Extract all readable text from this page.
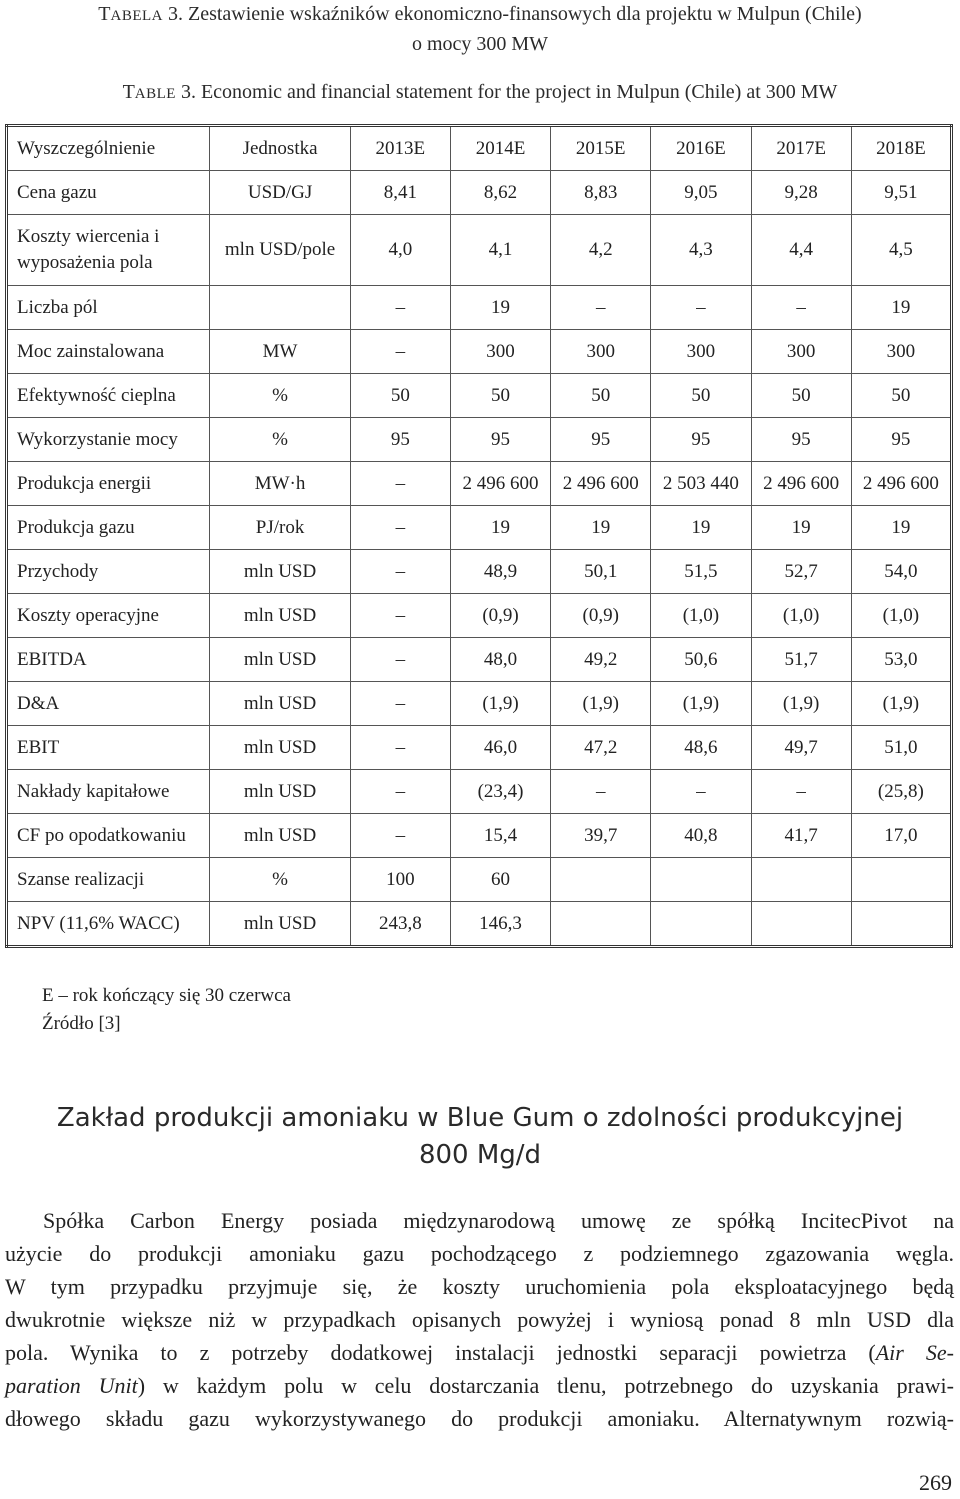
TABELA 3. Zestawienie wskaźników ekonomiczno-finansowych dla projektu w Mulpun (Chile)
o mocy 300 MW
TABLE 3. Economic and financial statement for the project in Mulpun (Chile) at 300 MW
Wyszczególnienie	Jednostka	2013E	2014E	2015E	2016E	2017E	2018E
Cena gazu	USD/GJ	8,41	8,62	8,83	9,05	9,28	9,51
Koszty wiercenia i wyposażenia pola	mln USD/pole	4,0	4,1	4,2	4,3	4,4	4,5
Liczba pól		–	19	–	–	–	19
Moc zainstalowana	MW	–	300	300	300	300	300
Efektywność cieplna	%	50	50	50	50	50	50
Wykorzystanie mocy	%	95	95	95	95	95	95
Produkcja energii	MW·h	–	2 496 600	2 496 600	2 503 440	2 496 600	2 496 600
Produkcja gazu	PJ/rok	–	19	19	19	19	19
Przychody	mln USD	–	48,9	50,1	51,5	52,7	54,0
Koszty operacyjne	mln USD	–	(0,9)	(0,9)	(1,0)	(1,0)	(1,0)
EBITDA	mln USD	–	48,0	49,2	50,6	51,7	53,0
D&A	mln USD	–	(1,9)	(1,9)	(1,9)	(1,9)	(1,9)
EBIT	mln USD	–	46,0	47,2	48,6	49,7	51,0
Nakłady kapitałowe	mln USD	–	(23,4)	–	–	–	(25,8)
CF po opodatkowaniu	mln USD	–	15,4	39,7	40,8	41,7	17,0
Szanse realizacji	%	100	60				
NPV (11,6% WACC)	mln USD	243,8	146,3				
E – rok kończący się 30 czerwca
Źródło [3]
Zakład produkcji amoniaku w Blue Gum o zdolności produkcyjnej
800 Mg/d

Spółka Carbon Energy posiada międzynarodową umowę ze spółką IncitecPivot na
użycie do produkcji amoniaku gazu pochodzącego z podziemnego zgazowania węgla.
W tym przypadku przyjmuje się, że koszty uruchomienia pola eksploatacyjnego będą
dwukrotnie większe niż w przypadkach opisanych powyżej i wyniosą ponad 8 mln USD dla
pola. Wynika to z potrzeby dodatkowej instalacji jednostki separacji powietrza (Air Se-
paration Unit) w każdym polu w celu dostarczania tlenu, potrzebnego do uzyskania prawi-
dłowego składu gazu wykorzystywanego do produkcji amoniaku. Alternatywnym rozwią-

269
